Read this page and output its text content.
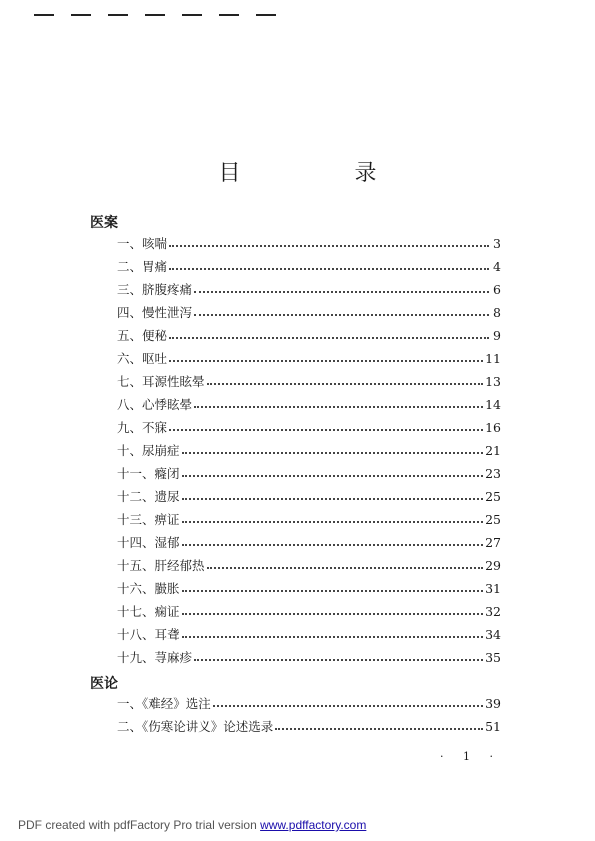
目　录
医案
一、咳喘	3
二、胃痛	4
三、脐腹疼痛	6
四、慢性泄泻	8
五、便秘	9
六、呕吐	11
七、耳源性眩晕	13
八、心悸眩晕	14
九、不寐	16
十、尿崩症	21
十一、癃闭	23
十二、遗尿	25
十三、痹证	25
十四、湿郁	27
十五、肝经郁热	29
十六、臌胀	31
十七、痫证	32
十八、耳聋	34
十九、荨麻疹	35
医论
一、《难经》选注	39
二、《伤寒论讲义》论述选录	51
· 1 ·
PDF created with pdfFactory Pro trial version www.pdffactory.com
